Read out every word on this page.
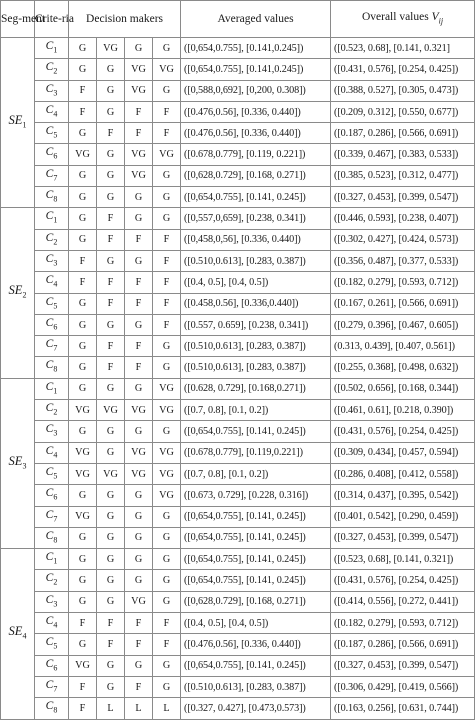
Seg-ment	Crite-ria	Decision makers				Averaged values	Overall values $V_{ij}$
$SE_1$	$C_1$	G	VG	G	G	([0,654,0.755], [0.141,0.245])	([0.523, 0.68], [0.141, 0.321]
	$C_2$	G	G	VG	VG	([0,654,0.755], [0.141,0.245])	([0.431, 0.576], [0.254, 0.425])
	$C_3$	F	G	VG	G	([0,588,0,692], [0,200, 0.308])	([0.388, 0.527], [0.305, 0.473])
	$C_4$	F	G	F	F	([0.476,0.56], [0.336, 0.440])	([0.209, 0.312], [0.550, 0.677])
	$C_5$	G	F	F	F	([0.476,0.56], [0.336, 0.440])	([0.187, 0.286], [0.566, 0.691])
	$C_6$	VG	G	VG	VG	([0.678,0.779], [0.119, 0.221])	([0.339, 0.467], [0.383, 0.533])
	$C_7$	G	G	VG	G	([0,628,0.729], [0.168, 0.271])	([0.385, 0.523], [0.312, 0.477])
	$C_8$	G	G	G	G	([0,654,0.755], [0.141, 0.245])	([0.327, 0.453], [0.399, 0.547])
$SE_2$	$C_1$	G	F	G	G	([0,557,0,659], [0.238, 0.341])	([0.446, 0.593], [0.238, 0.407])
	$C_2$	G	F	F	F	([0,458,0,56], [0.336, 0.440])	([0.302, 0.427], [0.424, 0.573])
	$C_3$	F	G	G	F	([0.510,0.613], [0.283, 0.387])	([0.356, 0.487], [0.377, 0.533])
	$C_4$	F	F	F	F	([0.4, 0.5], [0.4, 0.5])	([0.182, 0.279], [0.593, 0.712])
	$C_5$	G	F	F	F	([0.458,0.56], [0.336,0.440])	([0.167, 0.261], [0.566, 0.691])
	$C_6$	G	G	G	F	([0.557, 0.659], [0.238, 0.341])	([0.279, 0.396], [0.467, 0.605])
	$C_7$	G	F	F	G	([0.510,0.613], [0.283, 0.387])	(0.313, 0.439], [0.407, 0.561])
	$C_8$	G	F	F	G	([0.510,0.613], [0.283, 0.387])	([0.255, 0.368], [0.498, 0.632])
$SE_3$	$C_1$	G	G	G	VG	([0.628, 0.729], [0.168,0.271])	([0.502, 0.656], [0.168, 0.344])
	$C_2$	VG	VG	VG	VG	([0.7, 0.8], [0.1, 0.2])	([0.461, 0.61], [0.218, 0.390])
	$C_3$	G	G	G	G	([0,654,0.755], [0.141, 0.245])	([0.431, 0.576], [0.254, 0.425])
	$C_4$	VG	G	VG	VG	([0.678,0.779], [0.119,0.221])	([0.309, 0.434], [0.457, 0.594])
	$C_5$	VG	VG	VG	VG	([0.7, 0.8], [0.1, 0.2])	([0.286, 0.408], [0.412, 0.558])
	$C_6$	G	G	G	VG	([0.673, 0.729], [0.228, 0.316])	([0.314, 0.437], [0.395, 0.542])
	$C_7$	VG	G	G	G	([0,654,0.755], [0.141, 0.245])	([0.401, 0.542], [0.290, 0.459])
	$C_8$	G	G	G	G	([0,654,0.755], [0.141, 0.245])	([0.327, 0.453], [0.399, 0.547])
$SE_4$	$C_1$	G	G	G	G	([0,654,0.755], [0.141, 0.245])	([0.523, 0.68], [0.141, 0.321])
	$C_2$	G	G	G	G	([0,654,0.755], [0.141, 0.245])	([0.431, 0.576], [0.254, 0.425])
	$C_3$	G	G	VG	G	([0,628,0.729], [0.168, 0.271])	([0.414, 0.556], [0.272, 0.441])
	$C_4$	F	F	F	F	([0.4, 0.5], [0.4, 0.5])	([0.182, 0.279], [0.593, 0.712])
	$C_5$	G	F	F	F	([0.476,0.56], [0.336, 0.440])	([0.187, 0.286], [0.566, 0.691])
	$C_6$	VG	G	G	G	([0,654,0.755], [0.141, 0.245])	([0.327, 0.453], [0.399, 0.547])
	$C_7$	F	G	F	G	([0.510,0.613], [0.283, 0.387])	([0.306, 0.429], [0.419, 0.566])
	$C_8$	F	L	L	L	([0.327, 0.427], [0.473,0.573])	([0.163, 0.256], [0.631, 0.744])
